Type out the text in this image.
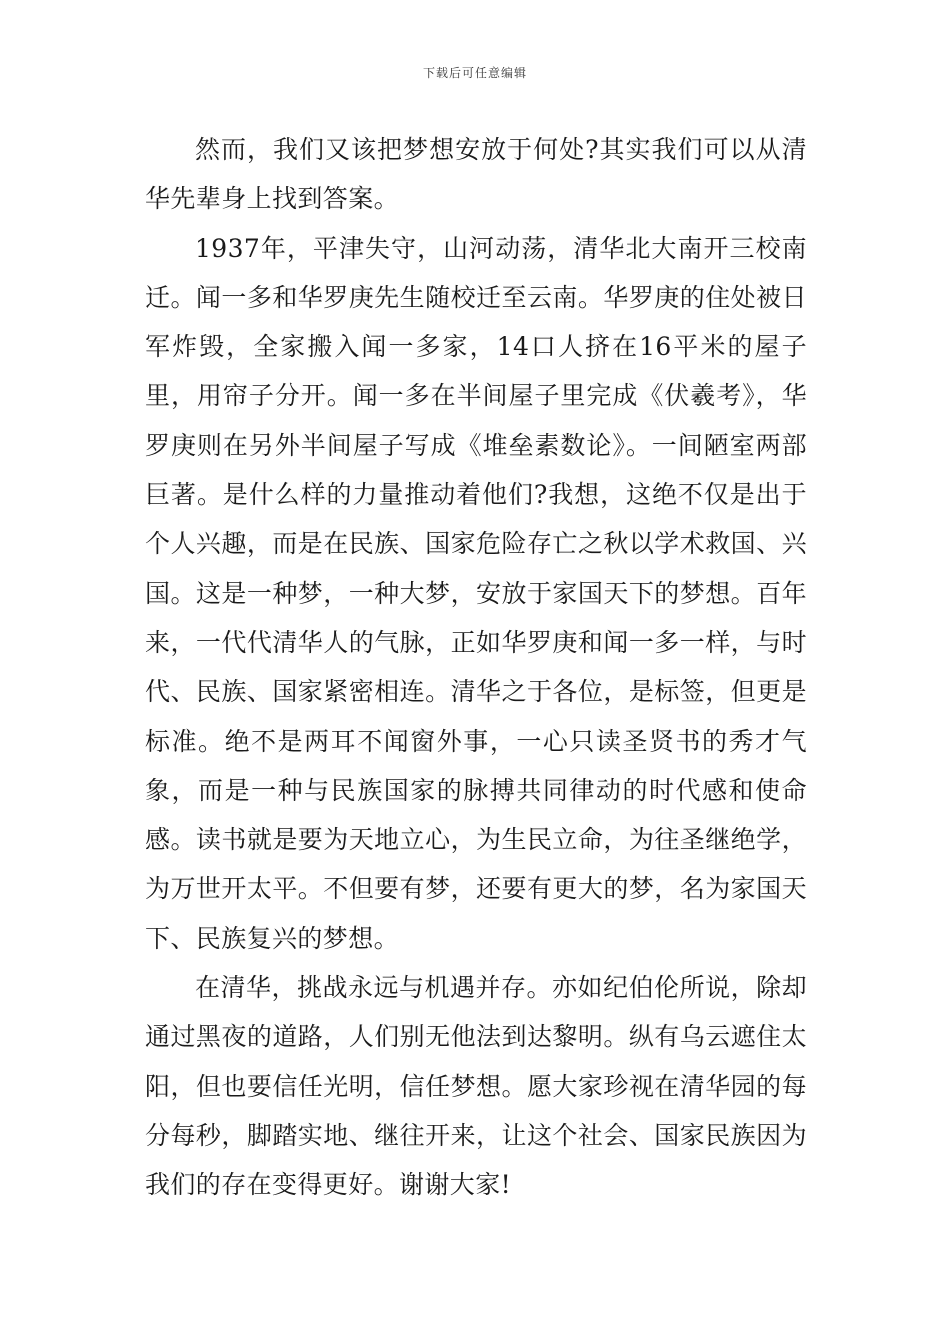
下载后可任意编辑

然而，我们又该把梦想安放于何处?其实我们可以从清华先辈身上找到答案。

1937年，平津失守，山河动荡，清华北大南开三校南迁。闻一多和华罗庚先生随校迁至云南。华罗庚的住处被日军炸毁，全家搬入闻一多家，14口人挤在16平米的屋子里，用帘子分开。闻一多在半间屋子里完成《伏羲考》，华罗庚则在另外半间屋子写成《堆垒素数论》。一间陋室两部巨著。是什么样的力量推动着他们?我想，这绝不仅是出于个人兴趣，而是在民族、国家危险存亡之秋以学术救国、兴国。这是一种梦，一种大梦，安放于家国天下的梦想。百年来，一代代清华人的气脉，正如华罗庚和闻一多一样，与时代、民族、国家紧密相连。清华之于各位，是标签，但更是标准。绝不是两耳不闻窗外事，一心只读圣贤书的秀才气象，而是一种与民族国家的脉搏共同律动的时代感和使命感。读书就是要为天地立心，为生民立命，为往圣继绝学，为万世开太平。不但要有梦，还要有更大的梦，名为家国天下、民族复兴的梦想。

在清华，挑战永远与机遇并存。亦如纪伯伦所说，除却通过黑夜的道路，人们别无他法到达黎明。纵有乌云遮住太阳，但也要信任光明，信任梦想。愿大家珍视在清华园的每分每秒，脚踏实地、继往开来，让这个社会、国家民族因为我们的存在变得更好。谢谢大家!
